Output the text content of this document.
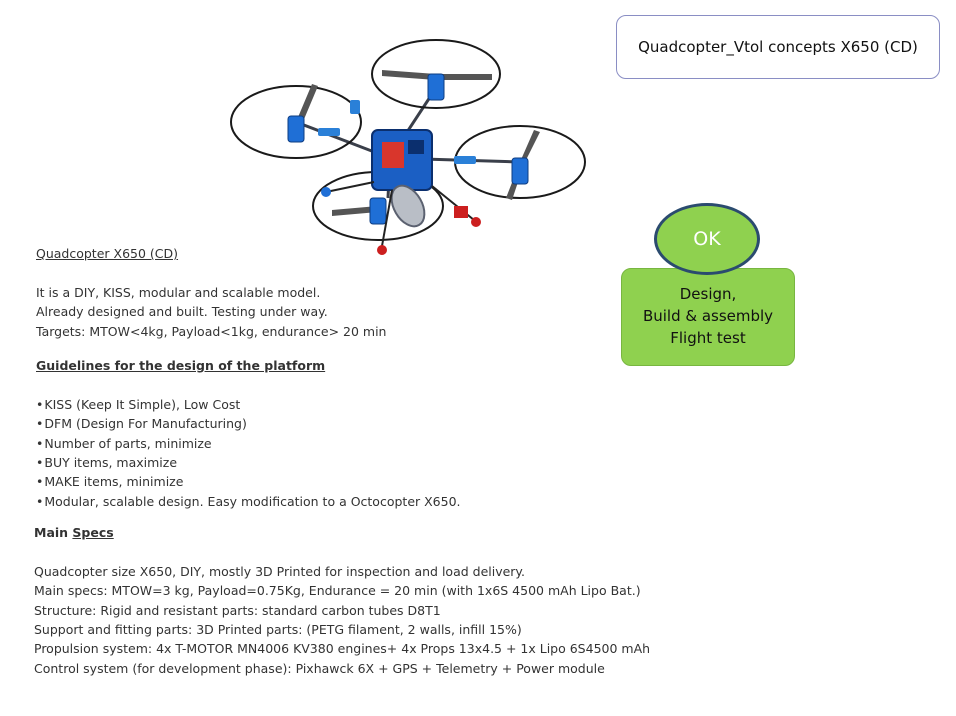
Quadcopter_Vtol concepts X650 (CD)
OK
Design,
Build & assembly
Flight test

Quadcopter X650 (CD)

It is a DIY, KISS, modular and scalable model.

Already designed and built. Testing under way.

Targets: MTOW<4kg, Payload<1kg, endurance> 20 min

Guidelines for the design of the platform

• KISS (Keep It Simple), Low Cost
• DFM (Design For Manufacturing)
• Number of parts, minimize
• BUY items, maximize
• MAKE items, minimize
• Modular, scalable design. Easy modification to a Octocopter X650.

Main Specs

Quadcopter size X650, DIY, mostly 3D Printed for inspection and load delivery.

Main specs: MTOW=3 kg, Payload=0.75Kg, Endurance = 20 min (with 1x6S 4500 mAh Lipo Bat.)

Structure: Rigid and resistant parts: standard carbon tubes D8T1

Support and fitting parts: 3D Printed parts: (PETG filament, 2 walls, infill 15%)

Propulsion system: 4x T-MOTOR MN4006 KV380 engines+ 4x Props 13x4.5 + 1x Lipo 6S4500 mAh

Control system (for development phase): Pixhawck 6X + GPS + Telemetry + Power module
